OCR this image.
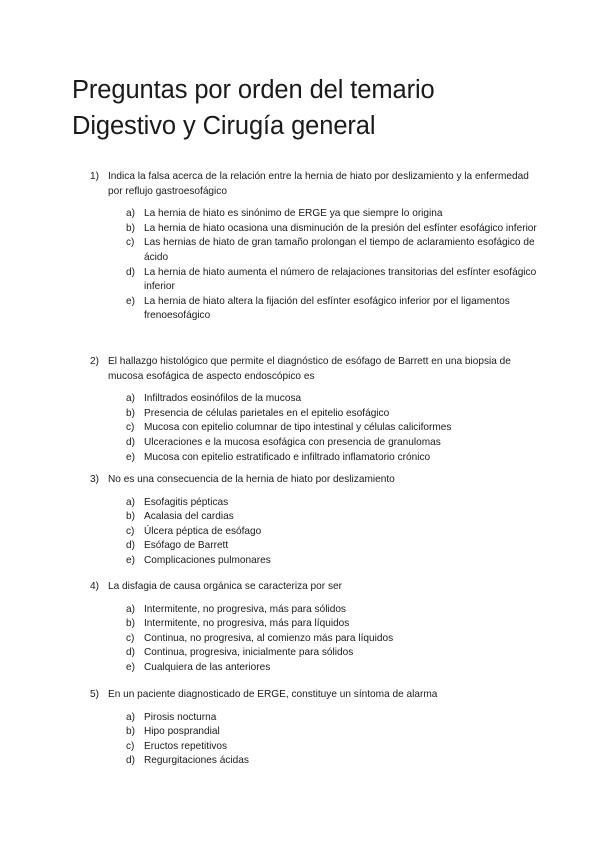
Preguntas por orden del temario
Digestivo y Cirugía general
1) Indica la falsa acerca de la relación entre la hernia de hiato por deslizamiento y la enfermedad por reflujo gastroesofágico
a) La hernia de hiato es sinónimo de ERGE ya que siempre lo origina
b) La hernia de hiato ocasiona una disminución de la presión del esfínter esofágico inferior
c) Las hernias de hiato de gran tamaño prolongan el tiempo de aclaramiento esofágico de ácido
d) La hernia de hiato aumenta el número de relajaciones transitorias del esfínter esofágico inferior
e) La hernia de hiato altera la fijación del esfínter esofágico inferior por el ligamentos frenoesofágico
2) El hallazgo histológico que permite el diagnóstico de esófago de Barrett en una biopsia de mucosa esofágica de aspecto endoscópico es
a) Infiltrados eosinófilos de la mucosa
b) Presencia de células parietales en el epitelio esofágico
c) Mucosa con epitelio columnar de tipo intestinal y células caliciformes
d) Ulceraciones e la mucosa esofágica con presencia de granulomas
e) Mucosa con epitelio estratificado e infiltrado inflamatorio crónico
3) No es una consecuencia de la hernia de hiato por deslizamiento
a) Esofagitis pépticas
b) Acalasia del cardias
c) Úlcera péptica de esófago
d) Esófago de Barrett
e) Complicaciones pulmonares
4) La disfagia de causa orgánica se caracteriza por ser
a) Intermitente, no progresiva, más para sólidos
b) Intermitente, no progresiva, más para líquidos
c) Continua, no progresiva, al comienzo más para líquidos
d) Continua, progresiva, inicialmente para sólidos
e) Cualquiera de las anteriores
5) En un paciente diagnosticado de ERGE, constituye un síntoma de alarma
a) Pirosis nocturna
b) Hipo posprandial
c) Eructos repetitivos
d) Regurgitaciones ácidas
